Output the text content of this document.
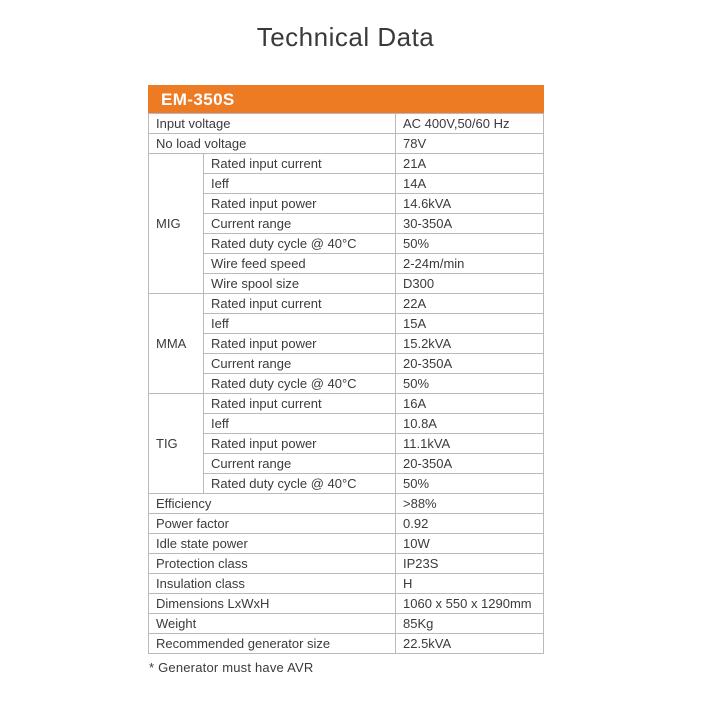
Technical Data
EM-350S		
Input voltage		AC 400V,50/60 Hz
No load voltage		78V
MIG	Rated input current	21A
	Ieff	14A
	Rated input power	14.6kVA
	Current range	30-350A
	Rated duty cycle @ 40°C	50%
	Wire feed speed	2-24m/min
	Wire spool size	D300
MMA	Rated input current	22A
	Ieff	15A
	Rated input power	15.2kVA
	Current range	20-350A
	Rated duty cycle @ 40°C	50%
TIG	Rated input current	16A
	Ieff	10.8A
	Rated input power	11.1kVA
	Current range	20-350A
	Rated duty cycle @ 40°C	50%
Efficiency		>88%
Power factor		0.92
Idle state power		10W
Protection class		IP23S
Insulation class		H
Dimensions LxWxH		1060 x 550 x 1290mm
Weight		85Kg
Recommended generator size		22.5kVA
* Generator must have AVR
